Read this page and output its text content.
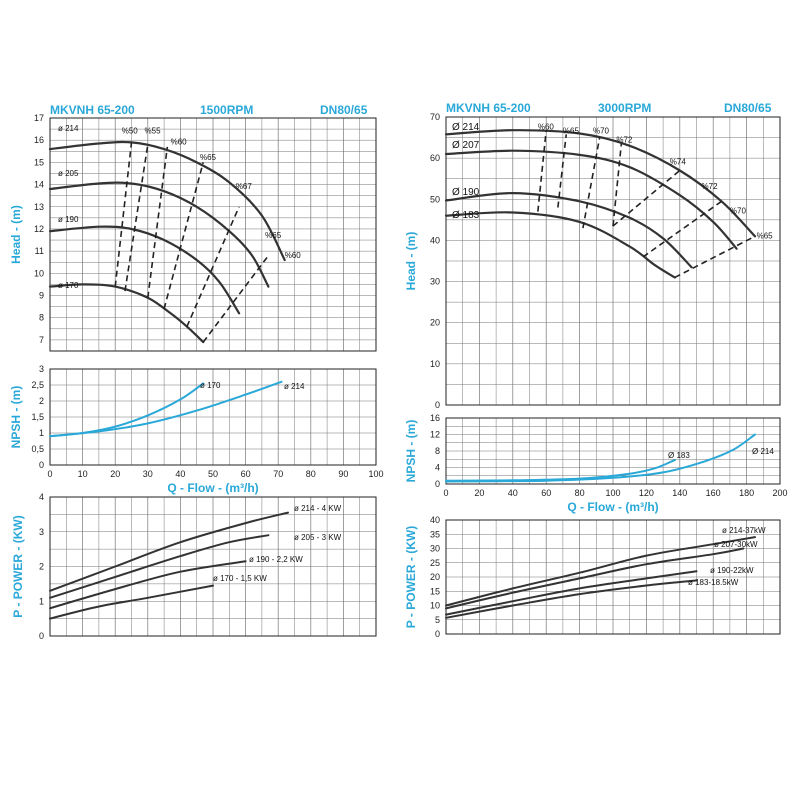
MKVNH 65-200	1500RPM	DN80/65	MKVNH 65-200	3000RPM	DN80/65
7
8
9
10
11
12
13
14
15
16
17
0
0,5
1
1,5
2
2,5
3
0
1
2
3
4
0
10
20
30
40
50
60
70
0
4
8
12
16
0
5
10
15
20
25
30
35
40
0	10	20	30	40	50	60	70	80	90 100
0	20	40	60	80 100 120 140 160 180 200
Q - Flow - (m³/h)
Q - Flow - (m³/h)
Head - (m)
NPSH - (m)
P - POWER - (KW)
Head - (m)
NPSH - (m)
P - POWER - (KW)
%50 %55
%60
%65
%67
%65
%60
%60 %65 %70
%72
%74
%72
%70
%65
ø 214
ø 205
ø 190
ø 170
ø 170	ø 214
ø 214 - 4 KW
ø 205 - 3 KW
ø 190 - 2,2 KW
ø 170 - 1,5 KW
Ø 214
Ø 207
Ø 190
Ø 183
Ø 183	Ø 214
ø 214-37kW
ø 207-30kW
ø 190-22kW
ø 183-18.5kW
